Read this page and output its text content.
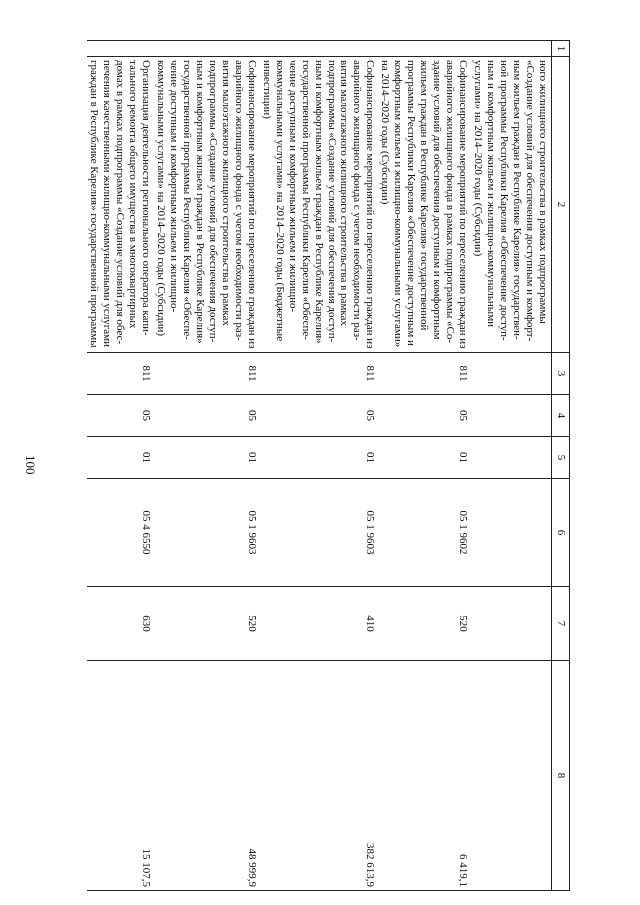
100
1	2	3	4	5	6	7	8
	ного жилищного строительства в рамках подпрограммы «Создание условий для обеспечения доступным и комфорт-ным жильем граждан в Республике Карелия» государствен-ной программы Республики Карелия «Обеспечение доступ-ным и комфортным жильем и жилищно-коммунальными услугами» на 2014–2020 годы (Субсидии)						
	Софинансирование мероприятий по переселению граждан из аварийного жилищного фонда в рамках подпрограммы «Со-здание условий для обеспечения доступным и комфортным жильем граждан в Республике Карелия» государственной программы Республики Карелия «Обеспечение доступным и комфортным жильем и жилищно-коммунальными услугами» на 2014–2020 годы (Субсидии)	811	05	01	05 1 9602	520	6 419,1
	Софинансирование мероприятий по переселению граждан из аварийного жилищного фонда с учетом необходимости раз-вития малоэтажного жилищного строительства в рамках подпрограммы «Создание условий для обеспечения доступ-ным и комфортным жильем граждан в Республике Карелия» государственной программы Республики Карелия «Обеспе-чение доступным и комфортным жильем и жилищно-коммунальными услугами» на 2014–2020 годы (Бюджетные инвестиции)	811	05	01	05 1 9603	410	382 613,9
	Софинансирование мероприятий по переселению граждан из аварийного жилищного фонда с учетом необходимости раз-вития малоэтажного жилищного строительства в рамках подпрограммы «Создание условий для обеспечения доступ-ным и комфортным жильем граждан в Республике Карелия» государственной программы Республики Карелия «Обеспе-чение доступным и комфортным жильем и жилищно-коммунальными услугами» на 2014–2020 годы (Субсидии)	811	05	01	05 1 9603	520	48 999,9
	Организация деятельности регионального оператора капи-тального ремонта общего имущества в многоквартирных домах в рамках подпрограммы «Создание условий для обес-печения качественными жилищно-коммунальными услугами граждан в Республике Карелия» государственной программы	811	05	01	05 4 6550	630	15 107,5
